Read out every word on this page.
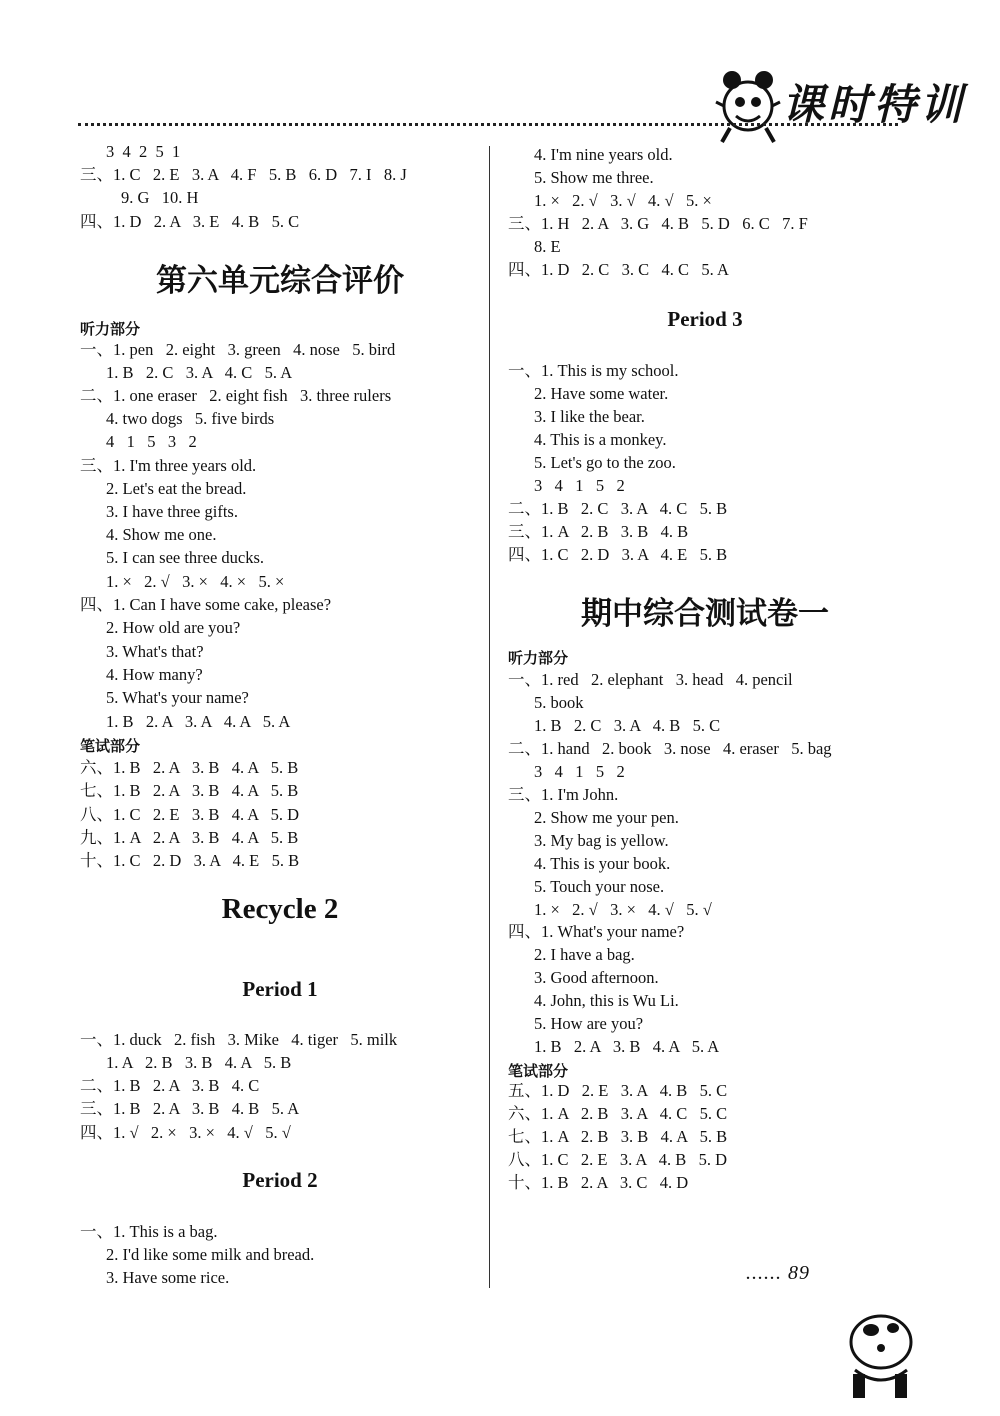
课时特训
3  4  2  5  1
三、1. C   2. E   3. A   4. F   5. B   6. D   7. I   8. J
9. G   10. H
四、1. D   2. A   3. E   4. B   5. C
第六单元综合评价
听力部分
一、1. pen   2. eight   3. green   4. nose   5. bird
1. B   2. C   3. A   4. C   5. A
二、1. one eraser   2. eight fish   3. three rulers
4. two dogs   5. five birds
4   1   5   3   2
三、1. I'm three years old.
2. Let's eat the bread.
3. I have three gifts.
4. Show me one.
5. I can see three ducks.
1. ×   2. √   3. ×   4. ×   5. ×
四、1. Can I have some cake, please?
2. How old are you?
3. What's that?
4. How many?
5. What's your name?
1. B   2. A   3. A   4. A   5. A
笔试部分
六、1. B   2. A   3. B   4. A   5. B
七、1. B   2. A   3. B   4. A   5. B
八、1. C   2. E   3. B   4. A   5. D
九、1. A   2. A   3. B   4. A   5. B
十、1. C   2. D   3. A   4. E   5. B
Recycle 2
Period 1
一、1. duck   2. fish   3. Mike   4. tiger   5. milk
1. A   2. B   3. B   4. A   5. B
二、1. B   2. A   3. B   4. C
三、1. B   2. A   3. B   4. B   5. A
四、1. √   2. ×   3. ×   4. √   5. √
Period 2
一、1. This is a bag.
2. I'd like some milk and bread.
3. Have some rice.
4. I'm nine years old.
5. Show me three.
1. ×   2. √   3. √   4. √   5. ×
三、1. H   2. A   3. G   4. B   5. D   6. C   7. F
8. E
四、1. D   2. C   3. C   4. C   5. A
Period 3
一、1. This is my school.
2. Have some water.
3. I like the bear.
4. This is a monkey.
5. Let's go to the zoo.
3   4   1   5   2
二、1. B   2. C   3. A   4. C   5. B
三、1. A   2. B   3. B   4. B
四、1. C   2. D   3. A   4. E   5. B
期中综合测试卷一
听力部分
一、1. red   2. elephant   3. head   4. pencil
5. book
1. B   2. C   3. A   4. B   5. C
二、1. hand   2. book   3. nose   4. eraser   5. bag
3   4   1   5   2
三、1. I'm John.
2. Show me your pen.
3. My bag is yellow.
4. This is your book.
5. Touch your nose.
1. ×   2. √   3. ×   4. √   5. √
四、1. What's your name?
2. I have a bag.
3. Good afternoon.
4. John, this is Wu Li.
5. How are you?
1. B   2. A   3. B   4. A   5. A
笔试部分
五、1. D   2. E   3. A   4. B   5. C
六、1. A   2. B   3. A   4. C   5. C
七、1. A   2. B   3. B   4. A   5. B
八、1. C   2. E   3. A   4. B   5. D
十、1. B   2. A   3. C   4. D
...... 89
